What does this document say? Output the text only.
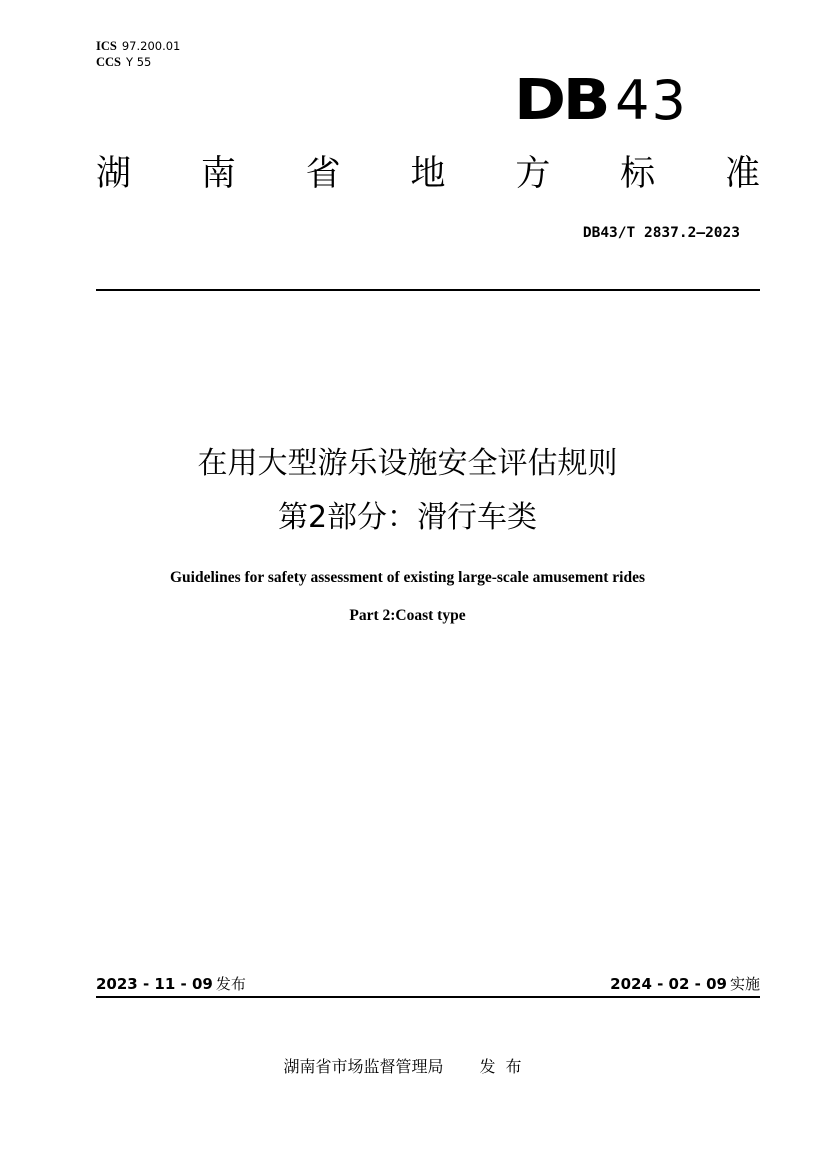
ICS 97.200.01
CCS Y 55
DB 43
湖 南 省 地 方 标 准
DB43/T 2837.2—2023
在用大型游乐设施安全评估规则
第2部分：滑行车类
Guidelines for safety assessment of existing large-scale amusement rides
Part 2:Coast type
2023 - 11 - 09 发布	2024 - 02 - 09 实施
湖南省市场监督管理局 发 布
